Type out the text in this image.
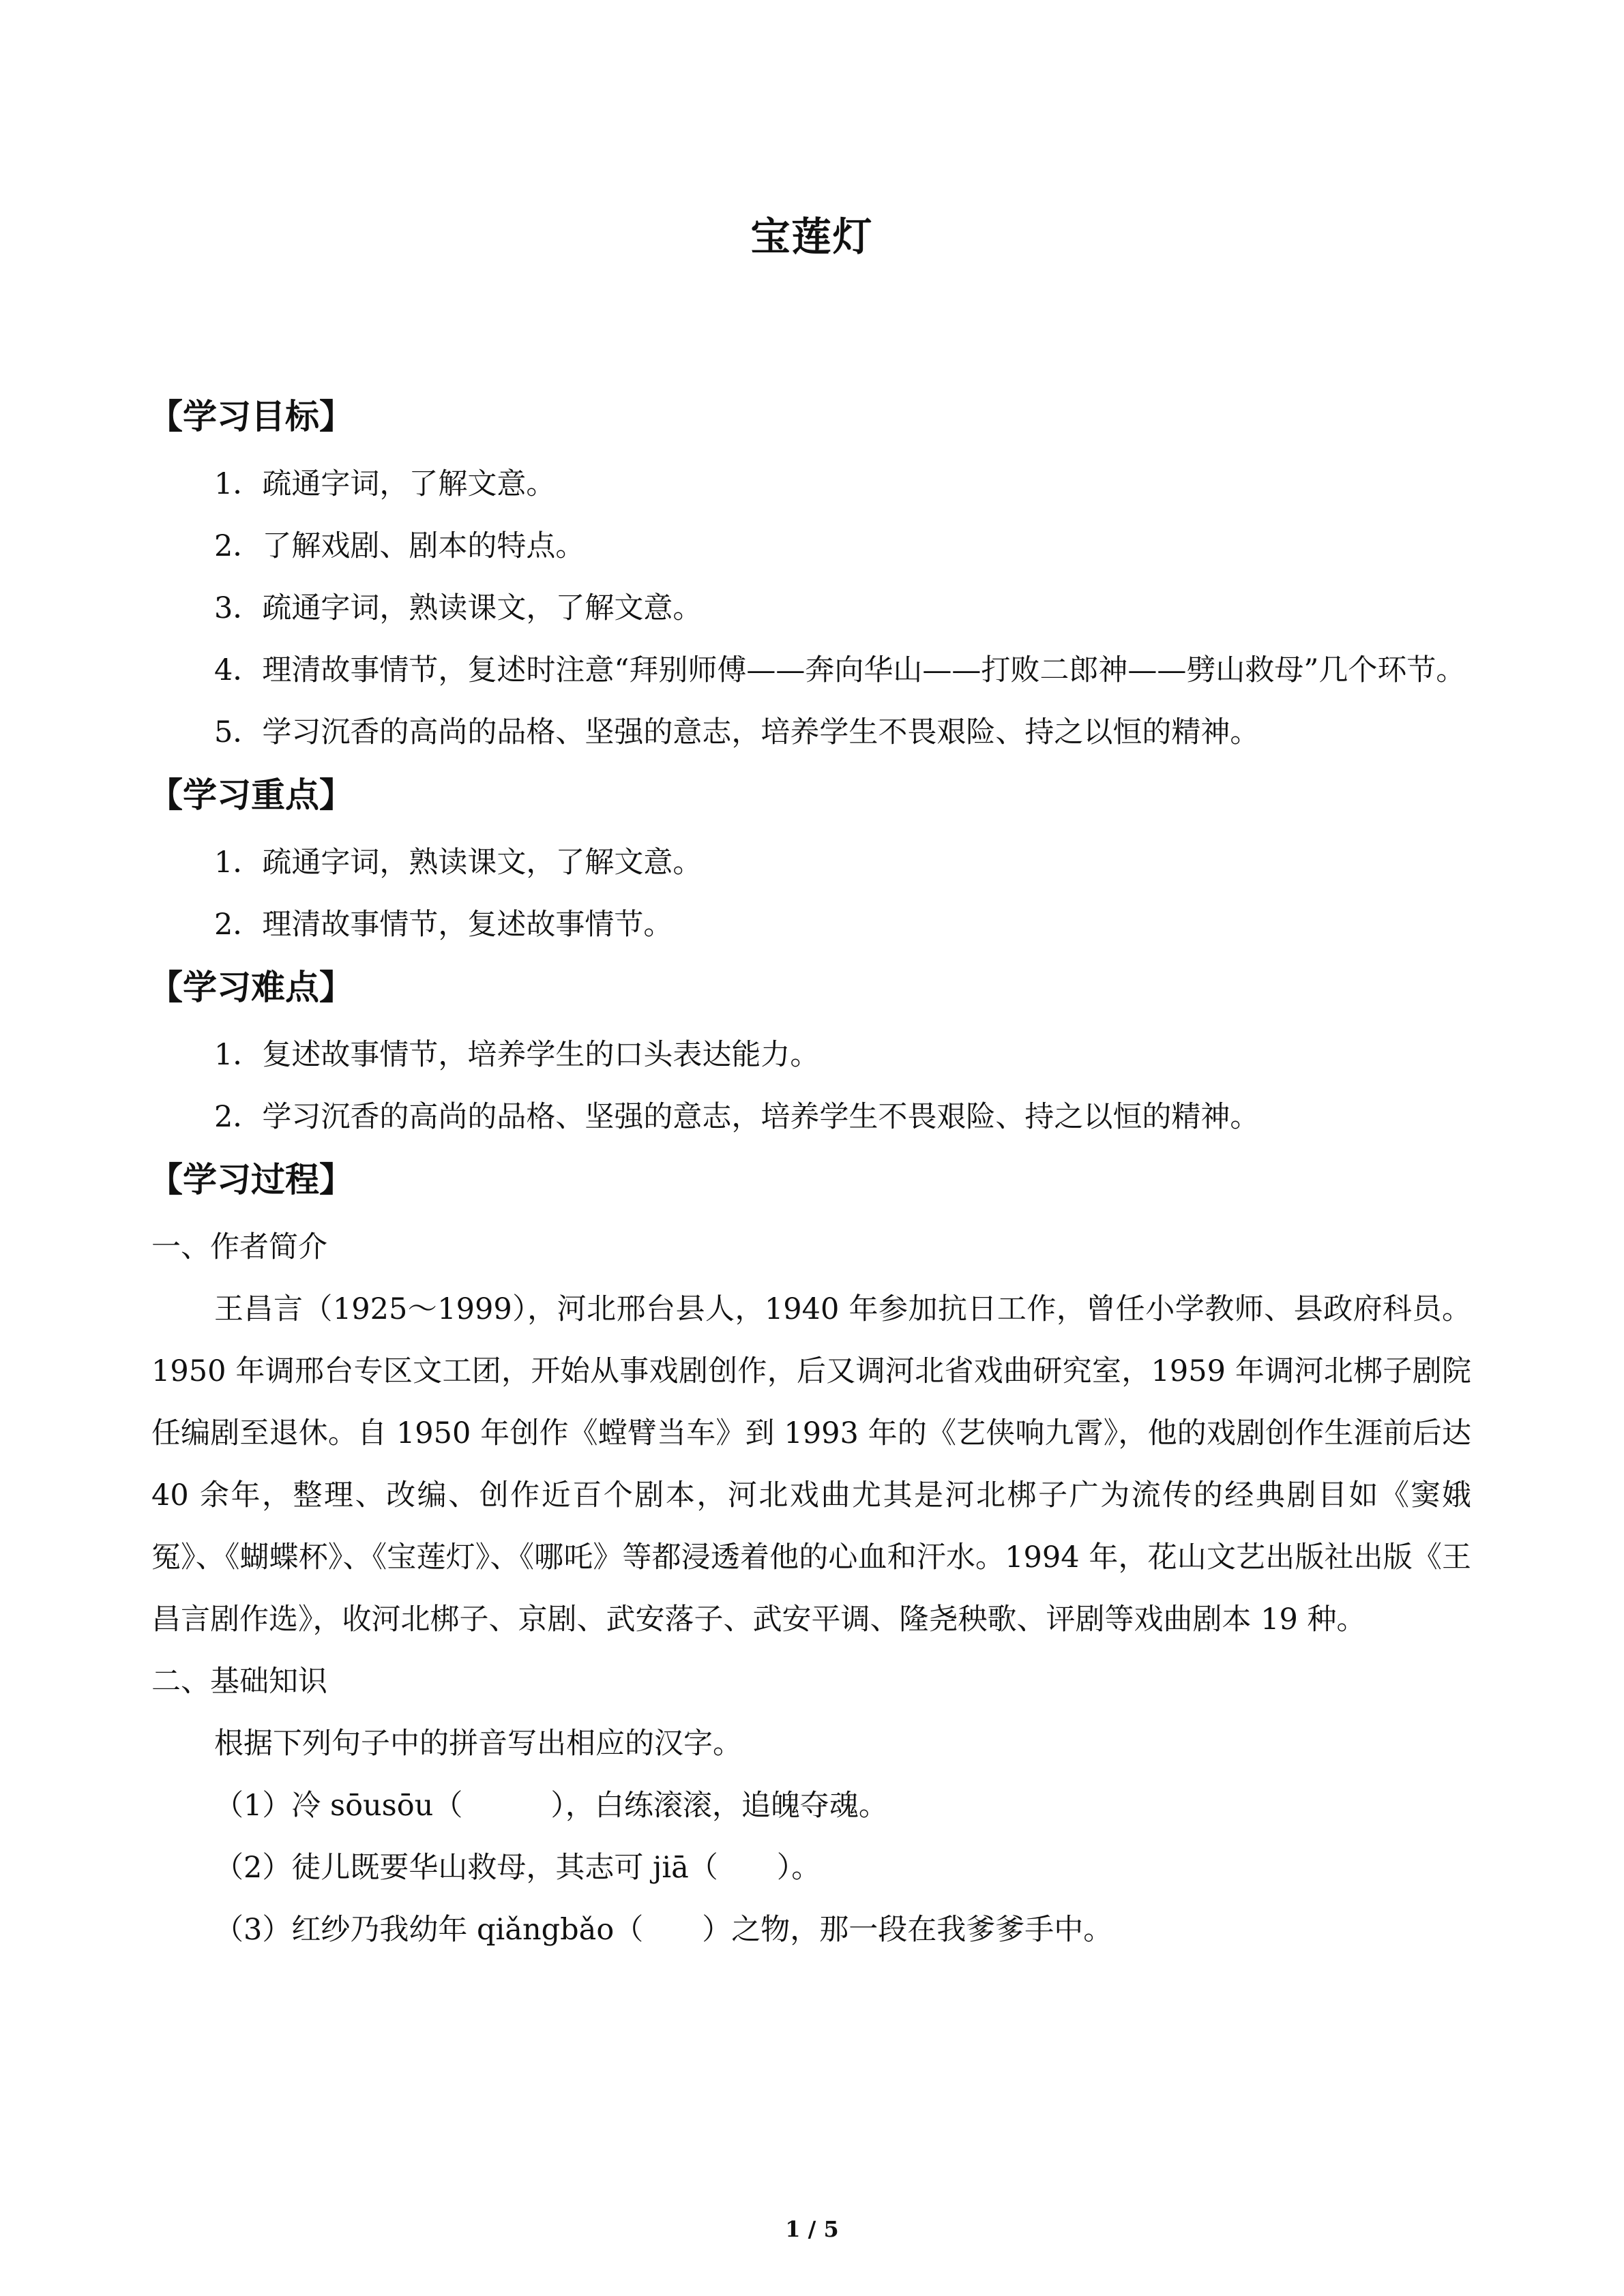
宝莲灯
【学习目标】
1．疏通字词，了解文意。
2．了解戏剧、剧本的特点。
3．疏通字词，熟读课文，了解文意。
4．理清故事情节，复述时注意“拜别师傅——奔向华山——打败二郎神——劈山救母”几个环节。
5．学习沉香的高尚的品格、坚强的意志，培养学生不畏艰险、持之以恒的精神。
【学习重点】
1．疏通字词，熟读课文，了解文意。
2．理清故事情节，复述故事情节。
【学习难点】
1．复述故事情节，培养学生的口头表达能力。
2．学习沉香的高尚的品格、坚强的意志，培养学生不畏艰险、持之以恒的精神。
【学习过程】
一、作者简介
王昌言（1925～1999），河北邢台县人，1940 年参加抗日工作，曾任小学教师、县政府科员。1950 年调邢台专区文工团，开始从事戏剧创作，后又调河北省戏曲研究室，1959 年调河北梆子剧院任编剧至退休。自 1950 年创作《螳臂当车》到 1993 年的《艺侠响九霄》，他的戏剧创作生涯前后达 40 余年，整理、改编、创作近百个剧本，河北戏曲尤其是河北梆子广为流传的经典剧目如《窦娥冤》、《蝴蝶杯》、《宝莲灯》、《哪吒》等都浸透着他的心血和汗水。1994 年，花山文艺出版社出版《王昌言剧作选》，收河北梆子、京剧、武安落子、武安平调、隆尧秧歌、评剧等戏曲剧本 19 种。
二、基础知识
根据下列句子中的拼音写出相应的汉字。
（1）冷 sōusōu（　　　），白练滚滚，追魄夺魂。
（2）徒儿既要华山救母，其志可 jiā（　　）。
（3）红纱乃我幼年 qiǎngbǎo（　　）之物，那一段在我爹爹手中。
1 / 5
